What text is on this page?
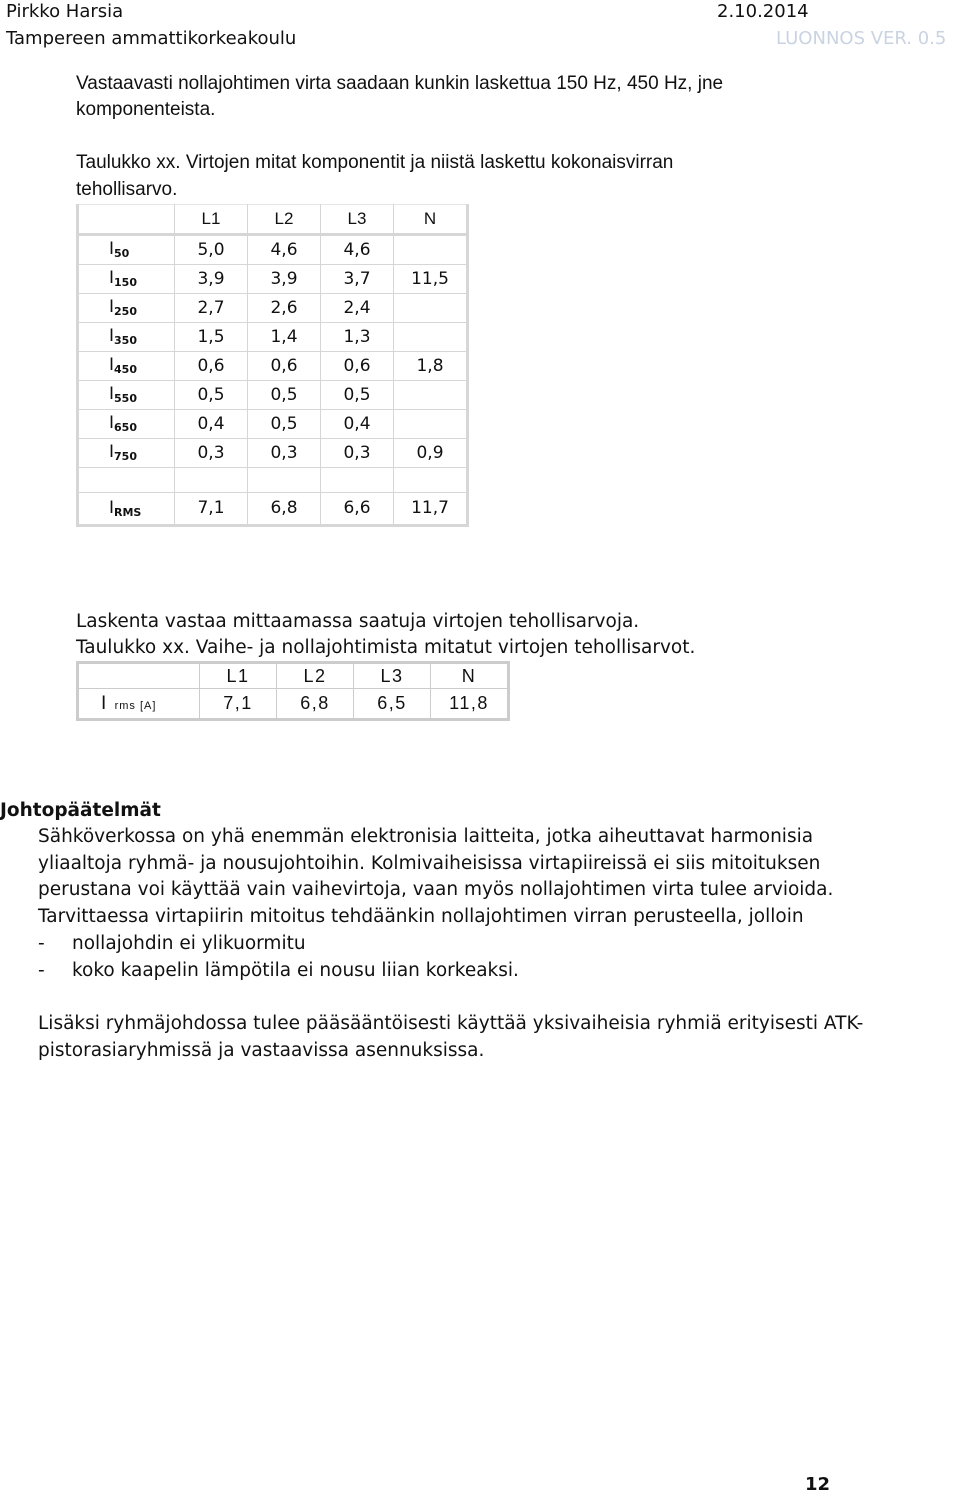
Pirkko Harsia	2.10.2014
Tampereen ammattikorkeakoulu	LUONNOS VER. 0.5
Vastaavasti nollajohtimen virta saadaan kunkin laskettua 150 Hz, 450 Hz, jne
komponenteista.
Taulukko xx. Virtojen mitat komponentit ja niistä laskettu kokonaisvirran
tehollisarvo.
	L1	L2	L3	N
$I_{50}$	5,0	4,6	4,6	
$I_{150}$	3,9	3,9	3,7	11,5
$I_{250}$	2,7	2,6	2,4	
$I_{350}$	1,5	1,4	1,3	
$I_{450}$	0,6	0,6	0,6	1,8
$I_{550}$	0,5	0,5	0,5	
$I_{650}$	0,4	0,5	0,4	
$I_{750}$	0,3	0,3	0,3	0,9

$I_{RMS}$	7,1	6,8	6,6	11,7
Laskenta vastaa mittaamassa saatuja virtojen tehollisarvoja.
Taulukko xx. Vaihe- ja nollajohtimista mitatut virtojen tehollisarvot.
	L1	L2	L3	N
I rms [A]	7,1	6,8	6,5	11,8
Johtopäätelmät
Sähköverkossa on yhä enemmän elektronisia laitteita, jotka aiheuttavat harmonisia
yliaaltoja ryhmä- ja nousujohtoihin. Kolmivaiheisissa virtapiireissä ei siis mitoituksen
perustana voi käyttää vain vaihevirtoja, vaan myös nollajohtimen virta tulee arvioida.
Tarvittaessa virtapiirin mitoitus tehdäänkin nollajohtimen virran perusteella, jolloin
- nollajohdin ei ylikuormitu
- koko kaapelin lämpötila ei nousu liian korkeaksi.
Lisäksi ryhmäjohdossa tulee pääsääntöisesti käyttää yksivaiheisia ryhmiä erityisesti ATK-
pistorasiaryhmissä ja vastaavissa asennuksissa.
12
